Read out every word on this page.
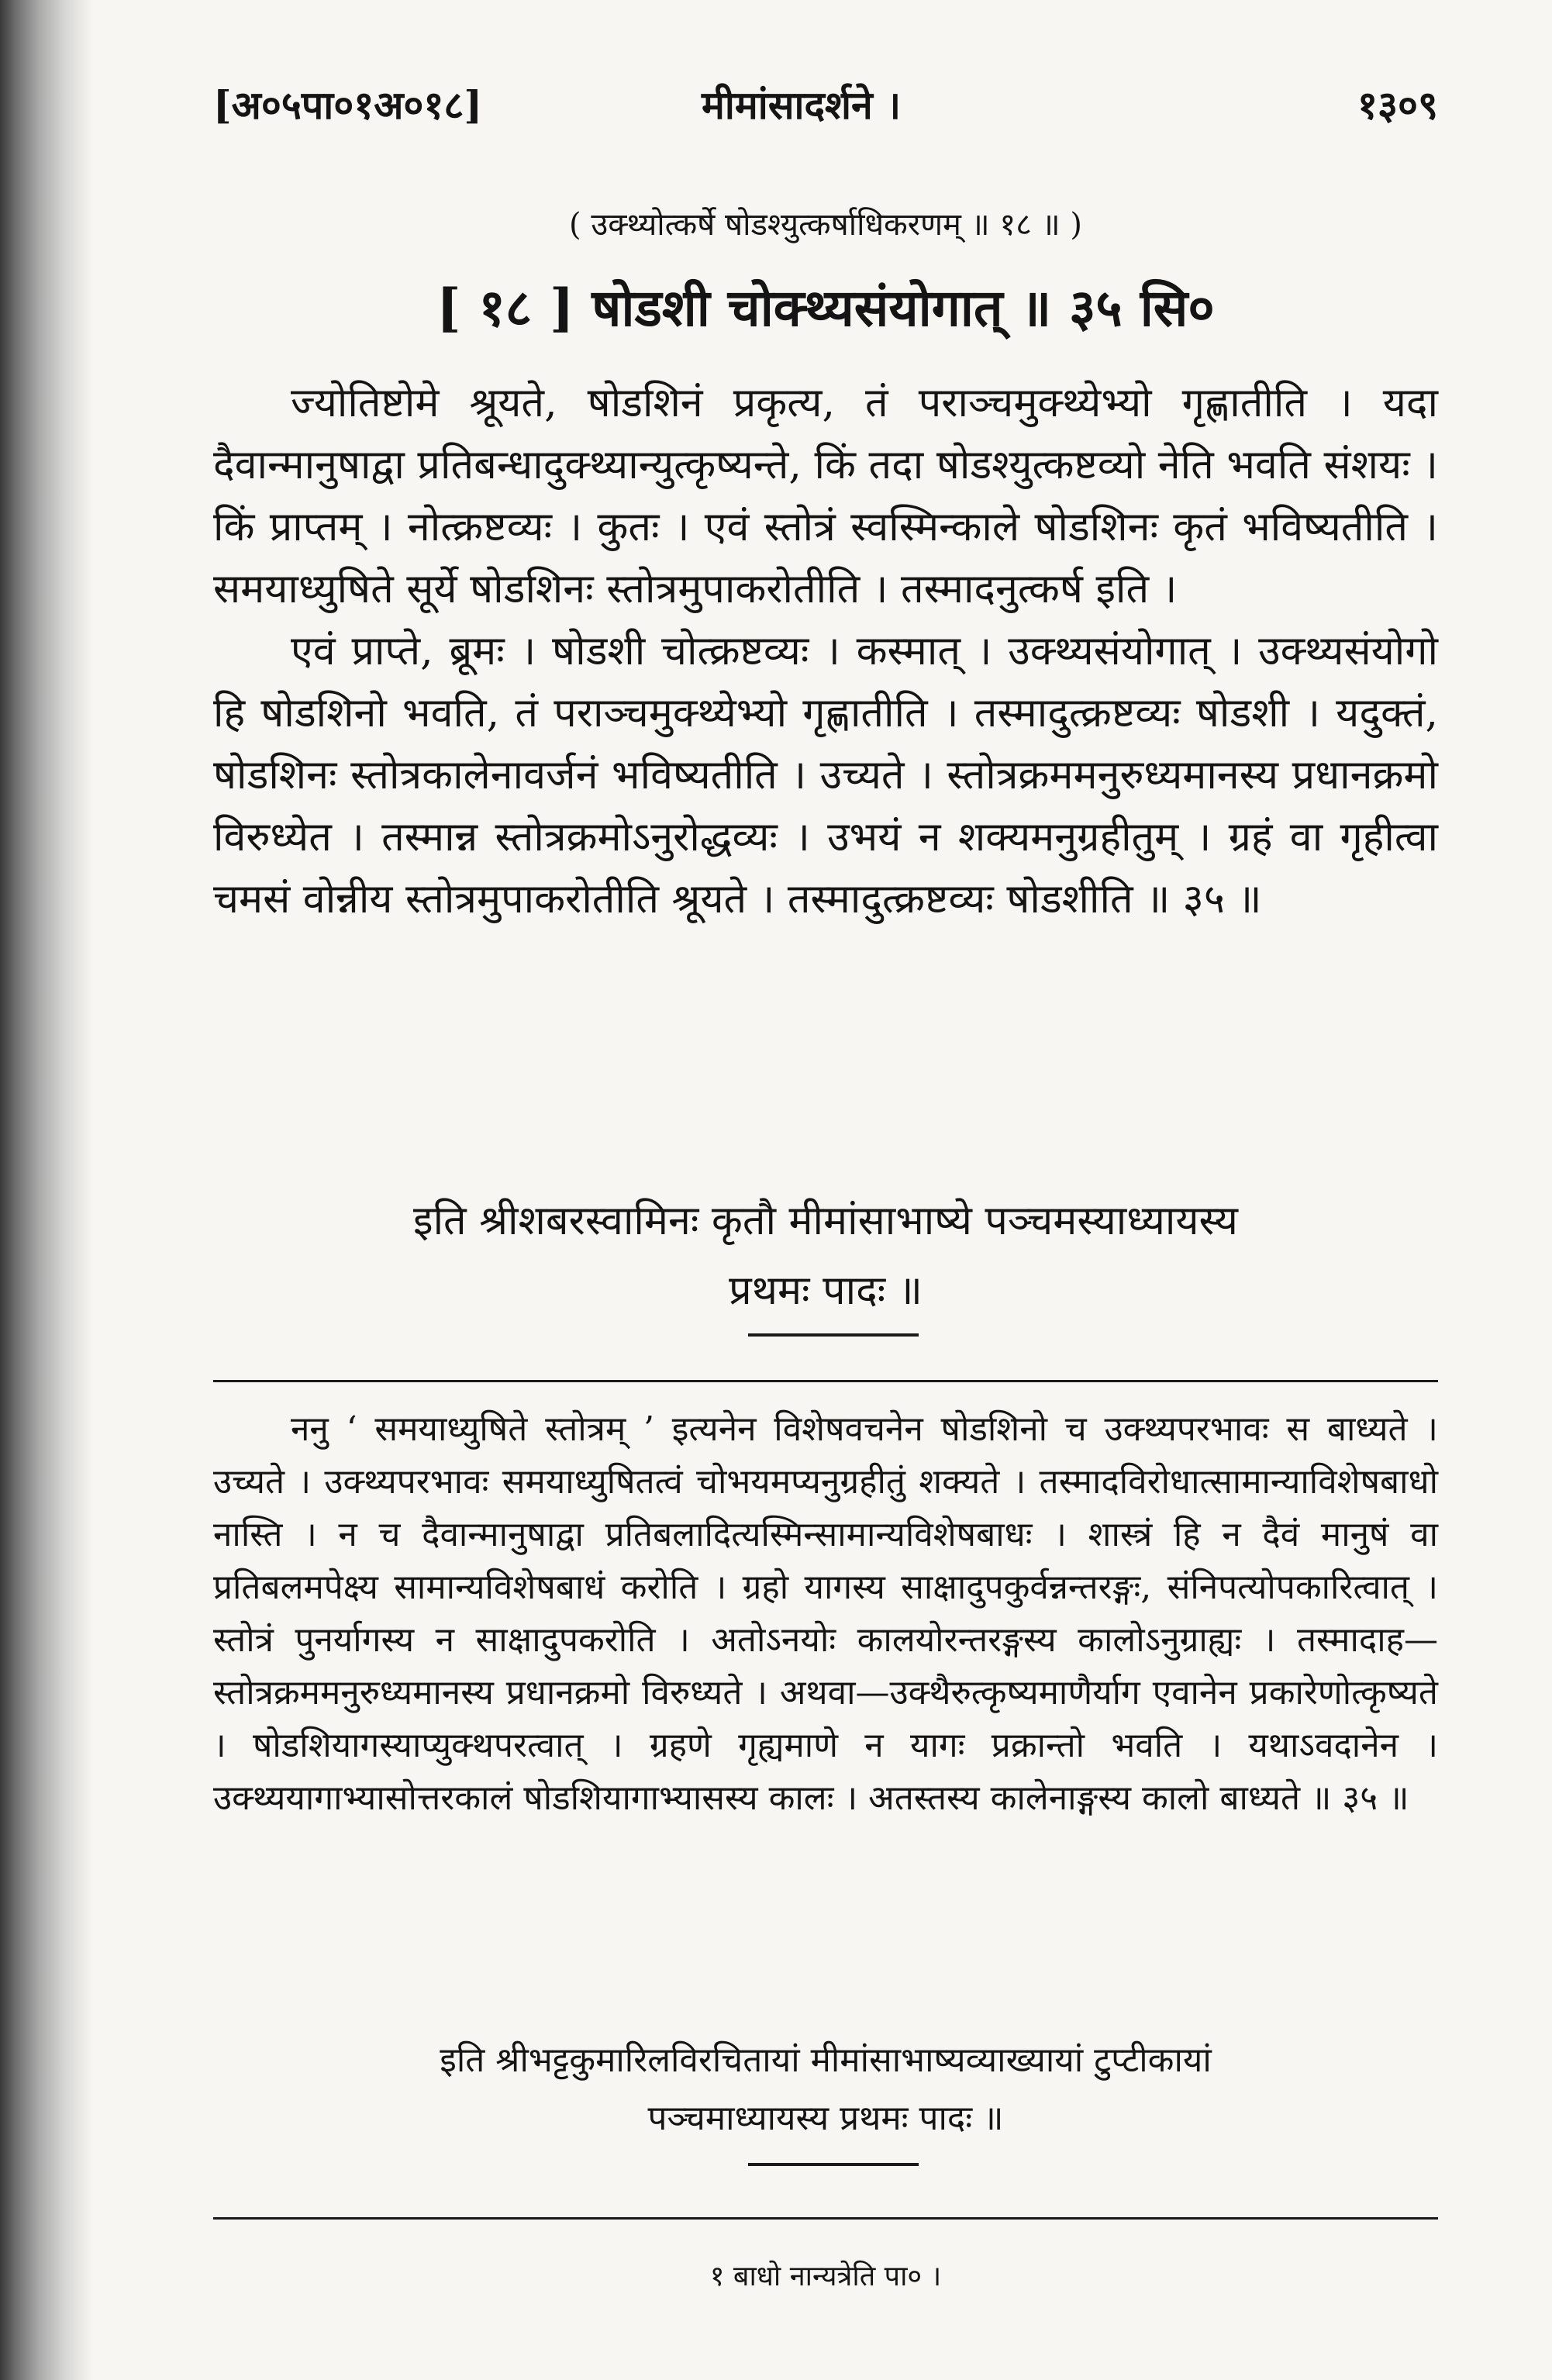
[अ०५पा०१अ०१८]	मीमांसादर्शने ।	१३०९
( उक्थ्योत्कर्षे षोडश्युत्कर्षाधिकरणम् ॥ १८ ॥ )
[ १८ ] षोडशी चोक्थ्यसंयोगात् ॥ ३५ सि०

ज्योतिष्टोमे श्रूयते, षोडशिनं प्रकृत्य, तं पराञ्चमुक्थ्येभ्यो गृह्णातीति । यदा दैवान्मानुषाद्वा प्रतिबन्धादुक्थ्यान्युत्कृष्यन्ते, किं तदा षोडश्युत्कष्टव्यो नेति भवति संशयः । किं प्राप्तम् । नोत्क्रष्टव्यः । कुतः । एवं स्तोत्रं स्वस्मिन्काले षोडशिनः कृतं भविष्यतीति । समयाध्युषिते सूर्ये षोडशिनः स्तोत्रमुपाकरोतीति । तस्मादनुत्कर्ष इति ।

एवं प्राप्ते, ब्रूमः । षोडशी चोत्क्रष्टव्यः । कस्मात् । उक्थ्यसंयोगात् । उक्थ्यसंयोगो हि षोडशिनो भवति, तं पराञ्चमुक्थ्येभ्यो गृह्णातीति । तस्मादुत्क्रष्टव्यः षोडशी । यदुक्तं, षोडशिनः स्तोत्रकालेनावर्जनं भविष्यतीति । उच्यते । स्तोत्रक्रममनुरुध्यमानस्य प्रधानक्रमो विरुध्येत । तस्मान्न स्तोत्रक्रमोऽनुरोद्धव्यः । उभयं न शक्यमनुग्रहीतुम् । ग्रहं वा गृहीत्वा चमसं वोन्नीय स्तोत्रमुपाकरोतीति श्रूयते । तस्मादुत्क्रष्टव्यः षोडशीति ॥ ३५ ॥

इति श्रीशबरस्वामिनः कृतौ मीमांसाभाष्ये पञ्चमस्याध्यायस्य
प्रथमः पादः ॥

ननु ‘ समयाध्युषिते स्तोत्रम् ’ इत्यनेन विशेषवचनेन षोडशिनो च उक्थ्यपरभावः स बाध्यते । उच्यते । उक्थ्यपरभावः समयाध्युषितत्वं चोभयमप्यनुग्रहीतुं शक्यते । तस्मादविरोधात्सामान्याविशेषबाधो नास्ति । न च दैवान्मानुषाद्वा प्रतिबलादित्यस्मिन्सामान्यविशेषबाधः । शास्त्रं हि न दैवं मानुषं वा प्रतिबलमपेक्ष्य सामान्यविशेषबाधं करोति । ग्रहो यागस्य साक्षादुपकुर्वन्नन्तरङ्गः, संनिपत्योपकारित्वात् । स्तोत्रं पुनर्यागस्य न साक्षादुपकरोति । अतोऽनयोः कालयोरन्तरङ्गस्य कालोऽनुग्राह्यः । तस्मादाह—स्तोत्रक्रममनुरुध्यमानस्य प्रधानक्रमो विरुध्यते । अथवा—उक्थैरुत्कृष्यमाणैर्याग एवानेन प्रकारेणोत्कृष्यते । षोडशियागस्याप्युक्थपरत्वात् । ग्रहणे गृह्यमाणे न यागः प्रक्रान्तो भवति । यथाऽवदानेन । उक्थ्ययागाभ्यासोत्तरकालं षोडशियागाभ्यासस्य कालः । अतस्तस्य कालेनाङ्गस्य कालो बाध्यते ॥ ३५ ॥

इति श्रीभट्टकुमारिलविरचितायां मीमांसाभाष्यव्याख्यायां टुप्टीकायां
पञ्चमाध्यायस्य प्रथमः पादः ॥
१ बाधो नान्यत्रेति पा० ।
